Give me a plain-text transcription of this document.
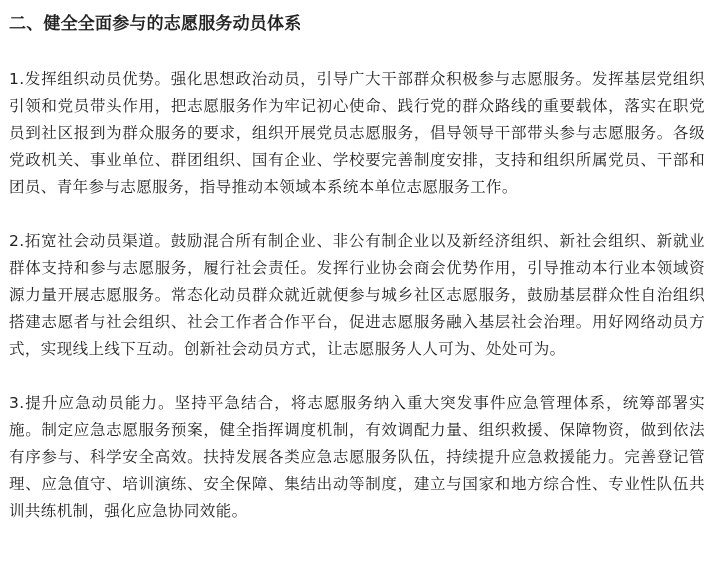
二、健全全面参与的志愿服务动员体系

1.发挥组织动员优势。强化思想政治动员，引导广大干部群众积极参与志愿服务。发挥基层党组织引领和党员带头作用，把志愿服务作为牢记初心使命、践行党的群众路线的重要载体，落实在职党员到社区报到为群众服务的要求，组织开展党员志愿服务，倡导领导干部带头参与志愿服务。各级党政机关、事业单位、群团组织、国有企业、学校要完善制度安排，支持和组织所属党员、干部和团员、青年参与志愿服务，指导推动本领域本系统本单位志愿服务工作。

2.拓宽社会动员渠道。鼓励混合所有制企业、非公有制企业以及新经济组织、新社会组织、新就业群体支持和参与志愿服务，履行社会责任。发挥行业协会商会优势作用，引导推动本行业本领域资源力量开展志愿服务。常态化动员群众就近就便参与城乡社区志愿服务，鼓励基层群众性自治组织搭建志愿者与社会组织、社会工作者合作平台，促进志愿服务融入基层社会治理。用好网络动员方式，实现线上线下互动。创新社会动员方式，让志愿服务人人可为、处处可为。

3.提升应急动员能力。坚持平急结合，将志愿服务纳入重大突发事件应急管理体系，统筹部署实施。制定应急志愿服务预案，健全指挥调度机制，有效调配力量、组织救援、保障物资，做到依法有序参与、科学安全高效。扶持发展各类应急志愿服务队伍，持续提升应急救援能力。完善登记管理、应急值守、培训演练、安全保障、集结出动等制度，建立与国家和地方综合性、专业性队伍共训共练机制，强化应急协同效能。
